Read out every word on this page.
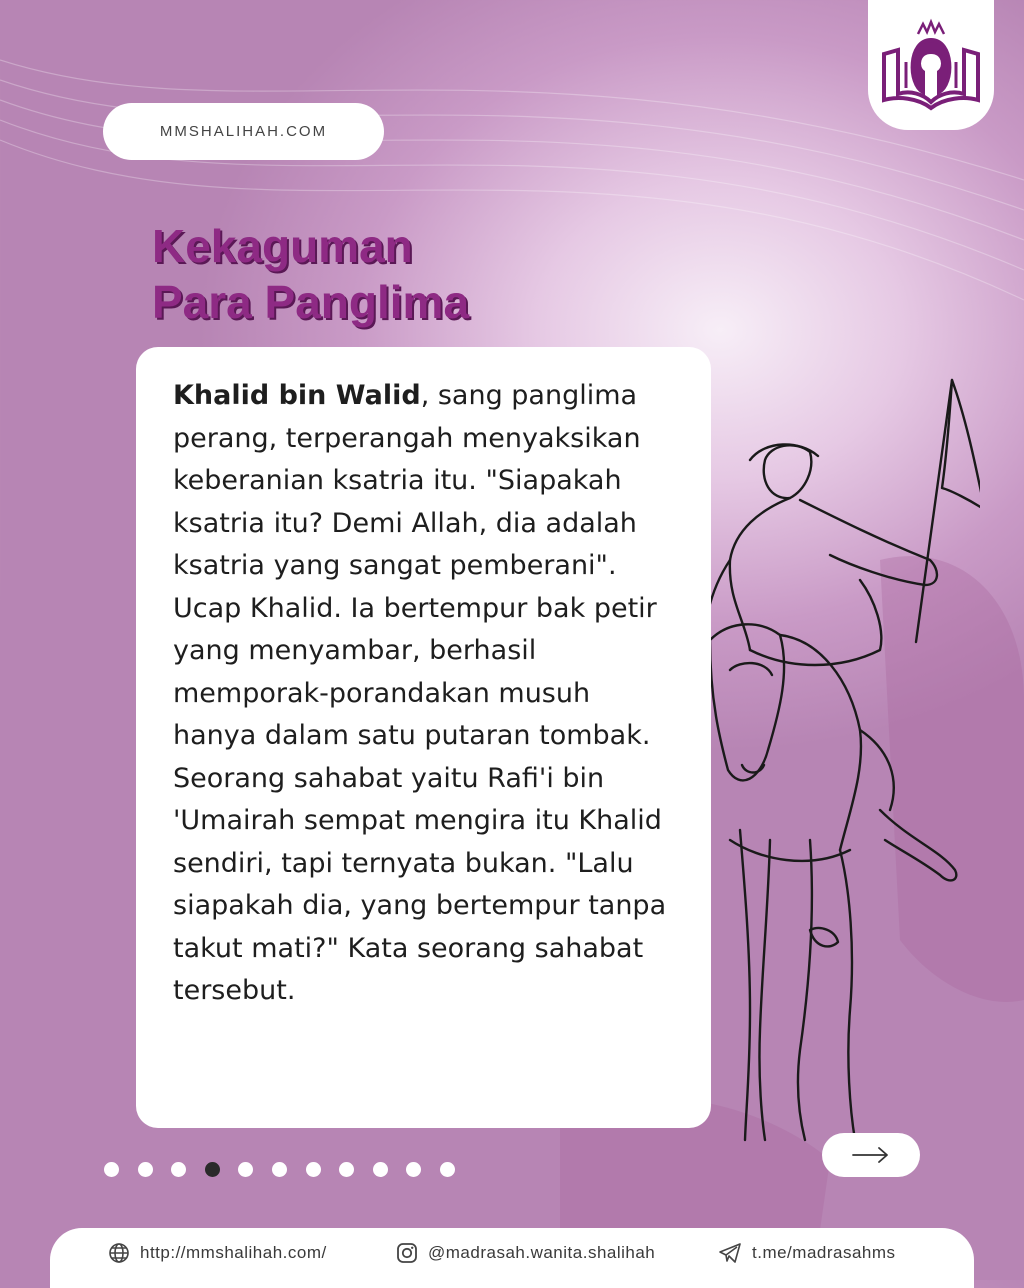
MMSHALIHAH.COM
Kekaguman
Para Panglima

Khalid bin Walid, sang panglima perang, terperangah menyaksikan keberanian ksatria itu. "Siapakah ksatria itu? Demi Allah, dia adalah ksatria yang sangat pemberani". Ucap Khalid. Ia bertempur bak petir yang menyambar, berhasil memporak-porandakan musuh hanya dalam satu putaran tombak. Seorang sahabat yaitu Rafi'i bin 'Umairah sempat mengira itu Khalid sendiri, tapi ternyata bukan. "Lalu siapakah dia, yang bertempur tanpa takut mati?" Kata seorang sahabat tersebut.

http://mmshalihah.com/	@madrasah.wanita.shalihah	t.me/madrasahms
